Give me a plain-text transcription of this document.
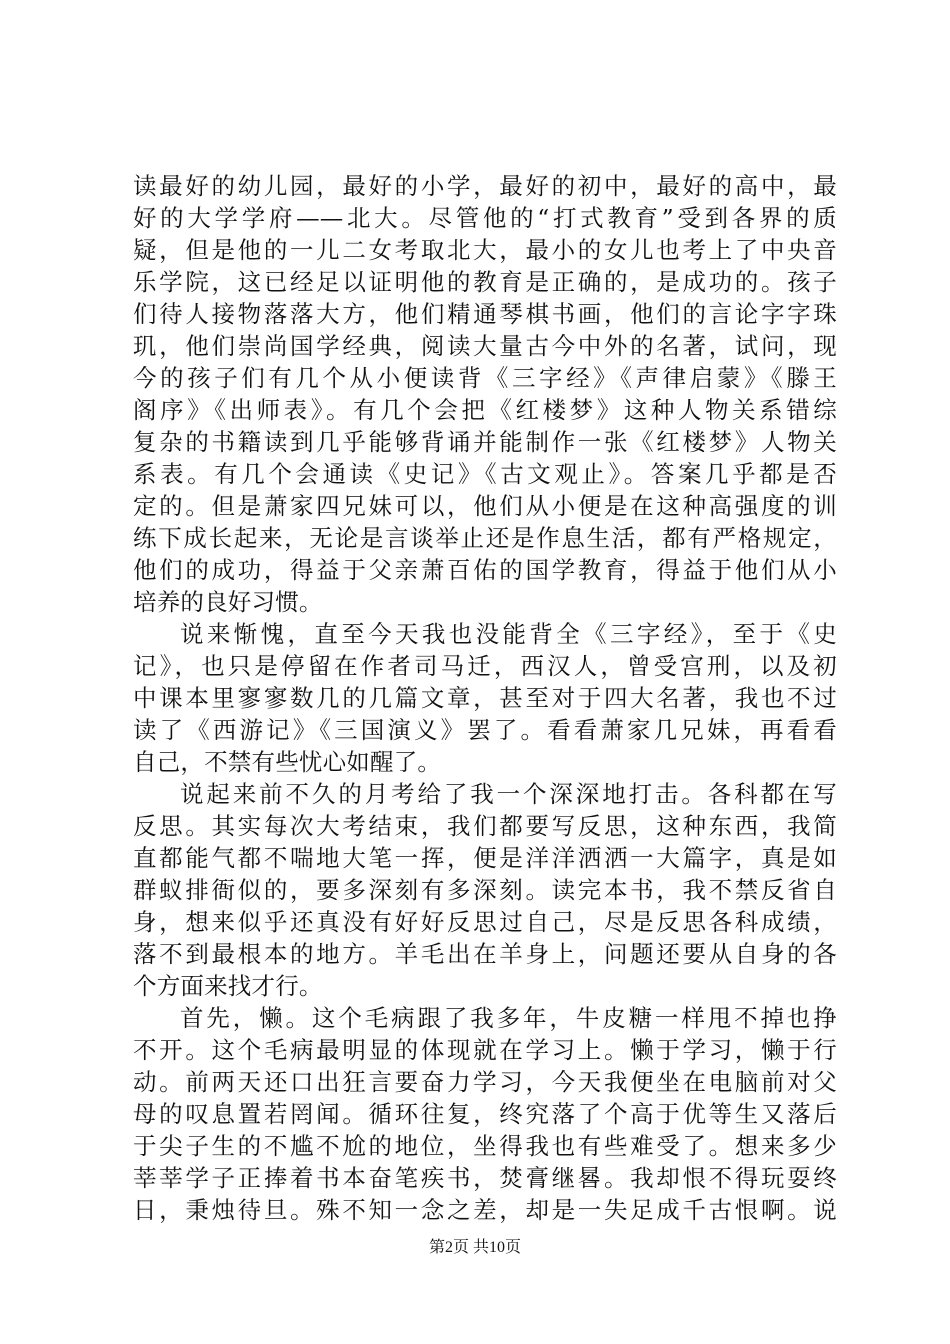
读最好的幼儿园，最好的小学，最好的初中，最好的高中，最
好的大学学府——北大。尽管他的“打式教育”受到各界的质
疑，但是他的一儿二女考取北大，最小的女儿也考上了中央音
乐学院，这已经足以证明他的教育是正确的，是成功的。孩子
们待人接物落落大方，他们精通琴棋书画，他们的言论字字珠
玑，他们崇尚国学经典，阅读大量古今中外的名著，试问，现
今的孩子们有几个从小便读背《三字经》《声律启蒙》《滕王
阁序》《出师表》。有几个会把《红楼梦》这种人物关系错综
复杂的书籍读到几乎能够背诵并能制作一张《红楼梦》人物关
系表。有几个会通读《史记》《古文观止》。答案几乎都是否
定的。但是萧家四兄妹可以，他们从小便是在这种高强度的训
练下成长起来，无论是言谈举止还是作息生活，都有严格规定，
他们的成功，得益于父亲萧百佑的国学教育，得益于他们从小
培养的良好习惯。
说来惭愧，直至今天我也没能背全《三字经》，至于《史
记》，也只是停留在作者司马迁，西汉人，曾受宫刑，以及初
中课本里寥寥数几的几篇文章，甚至对于四大名著，我也不过
读了《西游记》《三国演义》罢了。看看萧家几兄妹，再看看
自己，不禁有些忧心如醒了。
说起来前不久的月考给了我一个深深地打击。各科都在写
反思。其实每次大考结束，我们都要写反思，这种东西，我简
直都能气都不喘地大笔一挥，便是洋洋洒洒一大篇字，真是如
群蚁排衙似的，要多深刻有多深刻。读完本书，我不禁反省自
身，想来似乎还真没有好好反思过自己，尽是反思各科成绩，
落不到最根本的地方。羊毛出在羊身上，问题还要从自身的各
个方面来找才行。
首先，懒。这个毛病跟了我多年，牛皮糖一样甩不掉也挣
不开。这个毛病最明显的体现就在学习上。懒于学习，懒于行
动。前两天还口出狂言要奋力学习，今天我便坐在电脑前对父
母的叹息置若罔闻。循环往复，终究落了个高于优等生又落后
于尖子生的不尴不尬的地位，坐得我也有些难受了。想来多少
莘莘学子正捧着书本奋笔疾书，焚膏继晷。我却恨不得玩耍终
日，秉烛待旦。殊不知一念之差，却是一失足成千古恨啊。说
第2页 共10页
